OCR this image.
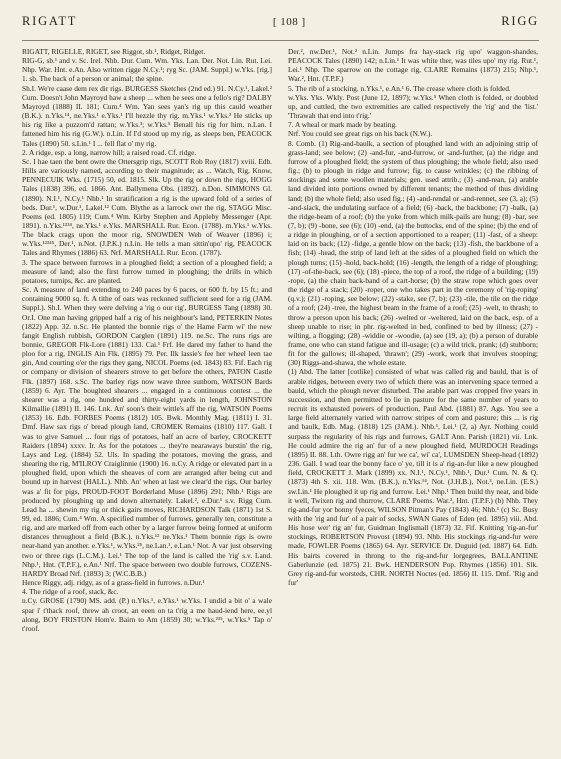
RIGATT	[ 108 ]	RIGG

RIGATT, RIGELLE, RIGET, see Riggot, sb.¹, Ridget, Ridget.

RIG-G, sb.¹ and v. Sc. Irel. Nhb. Dur. Cum. Wm. Yks. Lan. Der. Not. Lin. Rut. Lei. Nhp. War. Hnt. e.An. Also written rigge N.Cy.¹; ryg Sc. (JAM. Suppl.) w.Yks. [rig.] 1. sb. The back of a person or animal; the spine.

Sh.I. We're caase dem rex dir rigs. BURGESS Sketches (2nd ed.) 91. N.Cy.¹, Lakel.² Cum. Doesn't John Mayroyd haw a sheep ... when he sees one a fello's rig? DALBY Mayroyd (1888) II. 181; Cum.⁴ Wm. Yan sees yan's rig up this cauld weather (B.K.). n.Yks.¹⁴, ne.Yks.¹ e.Yks.¹ I'll hezzle thy rig. m.Yks.¹ w.Yks.² He sticks up his rig like a puzzom'd rattan; w.Yks.³; w.Yks.⁵ Benall his rig for him. n.Lan. I fattened him his rig (G.W.). n.Lin. If I'd stood up my rig, as sleeps ben, PEACOCK Tales (1890) 50. s.Lin.¹ I ... fell flat o' my rig.

2. A ridge, esp. a long, narrow hill; a raised road. Cf. ridge.

Sc. I hae taen the bent owre the Ottersgrip rigs, SCOTT Rob Roy (1817) xviii. Edb. Hills are variously named, according to their magnitude; as ... Watch, Rig, Know, PENNECUIK Wks. (1715) 50, ed. 1815. Slk. Up the rig or down the rigs, HOGG Tales (1838) 396, ed. 1866. Ant. Ballymena Obs. (1892). n.Don. SIMMONS Gl. (1890). N.I.¹, N.Cy.¹ Nhb.¹ In stratification a rig is the upward fold of a series of beds. Dur.¹, w.Dur.¹, Lakel.¹² Cum. Blythe as a larrock owr the rig, STAGG Misc. Poems (ed. 1805) 119; Cum.⁴ Wm. Kirby Stephen and Appleby Messenger (Apr. 1891). n.Yks.¹²³⁴, ne.Yks.¹ e.Yks. MARSHALL Rur. Econ. (1788). m.Yks.¹ w.Yks. The black crags upon the moor rig, SNOWDEN Web of Weaver (1896) i; w.Yks.¹²³⁴⁵, Der.¹, n.Not. (J.P.K.) n.Lin. He tells a man sittin'upo' rig, PEACOCK Tales and Rhymes (1886) 63. Nrf. MARSHALL Rur. Econ. (1787).

3. The space between furrows in a ploughed field; a section of a ploughed field; a measure of land; also the first furrow turned in ploughing; the drills in which potatoes, turnips, &c. are planted.

Sc. A measure of land extending to 240 paces by 6 paces, or 600 ft. by 15 ft.; and containing 9000 sq. ft. A tithe of oats was reckoned sufficient seed for a rig (JAM. Suppl.). Sh.I. When they were delving a 'rig o our rig', BURGESS Tang (1898) 30. Or.I. One man having gripped half a rig of his neighbour's land, PETERKIN Notes (1822) App. 32. n.Sc. He planted the bonnie rigs o' the Hame Farm wi' the new fangit English rubbish, GORDON Carglen (1891) 119. ne.Sc. The runs rigs are bonnie, GREGOR Flk-Lore (1881) 133. Cai.¹ Frf. He dared my father to hand the ploo for a rig, INGLIS Ain Flk. (1895) 79. Per. Ilk lassie's fee her wheel leen tae gin, And courting o'er the rigs they gang, NICOL Poems (ed. 1843) 83. Fif. Each rig or company or division of shearers strove to get before the others, PATON Castle Flk. (1897) 168. s.Sc. The barley rigs now wave three sunborn, WATSON Bards (1859) 6. Ayr. The boughted shearers ... engaged in a continuous contest ... the shearer was a rig, one hundred and thirty-eight yards in length, JOHNSTON Kilmallie (1891) II. 146. Lnk. An' soon's their wittle's aff the rig, WATSON Poems (1853) 16. Edb. FORBES Poems (1812) 105. Bwk. Monthly Mag. (1811) I. 31. Dmf. Haw sax rigs o' bread plough land, CROMEK Remains (1810) 117. Gall. I was to give Samuel ... four rigs of potatoes, half an acre of barley, CROCKETT Raiders (1894) xxxv. Ir. As for the potatoes ... they're nearaways burstin' the rig, Lays and Leg. (1884) 52. Uls. In spading the potatoes, moving the grass, and shearing the rig, M'ILROY Craiglinnie (1900) 16. n.Cy. A ridge or elevated part in a ploughed field, upon which the sheaves of corn are arranged after being cut and bound up in harvest (HALL.). Nhb. An' when at last we clear'd the rigs, Our barley was a' fit for pigs, PROUD-FOOT Borderland Muse (1896) 291; Nhb.¹ Rigs are produced by ploughing up and down alternately. Lakel.², e.Dur.¹ s.v. Rigg Cum. Lead ha ... shewin my rig or thick gairs moves, RICHARDSON Talk (1871) 1st S. 99, ed. 1886; Cum.⁴ Wm. A specified number of furrows, generally ten, constitute a rig, and are marked off from each other by a larger furrow being formed at uniform distances throughout a field (B.K.). n.Yks.¹² ne.Yks.¹ Them bonnie rigs is owre near-hand yan another. e.Yks.¹, w.Yks.²⁵, ne.Lan.¹, e.Lan.¹ Not. A var just observing two or three rigs (L.C.M.). Lei.¹ The top of the land is called the 'rig' s.v. Land. Nhp.¹, Hnt. (T.P.F.), e.An.¹ Nrf. The space between two double furrows, COZENS-HARDY Broad Nrf. (1893) 3; (W.C.B.B.)

Hence Riggy, adj. ridgy, as of a grass-field in furrows. n.Dur.¹

4. The ridge of a roof, stack, &c.

n.Cy. GROSE (1790) MS. add. (P.) n.Yks.¹, e.Yks.¹ w.Yks. I undid a bit o' a wale spar i' t'thack roof, threw ah croot, an eeen on ta t'rig a me haud-iend here, ee.yl along, BOY FRISTON Hom'e. Bairn to Am (1859) 30; w.Yks.²³⁵, w.Yks.⁵ Tap o' t'roof.

Der.², nw.Der.¹, Not.² n.Lin. Jumps fra hay-stack rig upo' waggon-shandes, PEACOCK Tales (1890) 142; n.Lin.¹ It was white ther, was tiles upo' my rig. Rut.¹, Lei.¹ Nhp. The sparrow on the cottage rig, CLARE Remains (1873) 215; Nhp.¹, War.², Hnt. (T.P.F.)

5. The rib of a stocking. n.Yks.¹, e.An.¹ 6. The crease where cloth is folded.

w.Yks. Yks. Wkly. Post (June 12, 1897); w.Yks.⁵ When cloth is folded, or doubled up, and cuttled, the two extremities are called respectively the 'rig' and the 'list.' 'Thrawah that end into t'rig.'

7. A wheal or mark made by beating.

Nrf. You could see great rigs on his back (N.W.).

8. Comb. (1) Rig-and-baulk, a section of ploughed land with an adjoining strip of grass-land; see below; (2) -and-fur, -and-furrow, or -and-further, (a) the ridge and furrow of a ploughed field; the system of thus ploughing; the whole field; also used fig.; (b) to plough in ridge and furrow; fig. to cause wrinkles; (c) the ribbing of stockings and some woollen materials; gen. used attrib.; (3) -and-rean, (a) arable land divided into portions owned by different tenants; the method of thus dividing land; (b) the whole field; also used fig.; (4) -and-rendal or -and-rennet, see (3, a); (5) -and-slack, the undulating surface of a field; (6) -back, the backbone; (7) -balk, (a) the ridge-beam of a roof; (b) the yoke from which milk-pails are hung; (8) -bar, see (7, b); (9) -bone, see (6); (10) -end, (a) the buttocks, end of the spine; (b) the end of a ridge in ploughing, or of a section apportioned to a reaper; (11) -fast, of a sheep: laid on its back; (12) -fidge, a gentle blow on the back; (13) -fish, the backbone of a fish; (14) -head, the strip of land left at the sides of a ploughed field on which the plough turns; (15) -hold, back-hold; (16) -length, the length of a ridge of ploughing; (17) -of-the-back, see (6); (18) -piece, the top of a roof, the ridge of a building; (19) -rope, (a) the chain back-band of a cart-horse; (b) the straw rope which goes over the ridge of a stack; (20) -roper, one who takes part in the ceremony of 'rig-roping' (q.v.); (21) -roping, see below; (22) -stake, see (7, b); (23) -tile, the tile on the ridge of a roof; (24) -tree, the highest beam in the frame of a roof; (25) -welt, to thrash; to throw a person upon his back; (26) -welted or -weltered, laid on the back, esp. of a sheep unable to rise; in phr. rig-welted in bed, confined to bed by illness; (27) -wilting, a flogging; (28) -widdie or -woodie, (a) see (19, a); (b) a person of durable frame, one who can stand fatigue and ill-usage; (c) a wild trick, prank; (d) stubborn; fit for the gallows; ill-shaped, 'thrawn'; (29) -work, work that involves stooping; (30) Riggs-and-shawa, the whole estate.

(1) Abd. The latter [cotlike] consisted of what was called rig and bauld, that is of arable ridges, between every two of which there was an intervening space termed a bauld, which the plough never disturbed. The arable part was cropped five years in succession, and then permitted to lie in pasture for the same number of years to recruit its exhausted powers of production, Paul Abd. (1881) 87. Ags. You see a large field alternately varied with narrow stripes of corn and pasture; this ... is rig and baulk, Edb. Mag. (1818) 125 (JAM.). Nhb.¹, Lei.¹ (2, a) Ayr. Nothing could surpass the regularity of his rigs and furrows, GALT Ann. Parish (1821) vii. Lnk. He could admire the rig an' fur of a new ploughed field, MURDOCH Readings (1895) II. 88. Lth. Owre rigg an' fur we ca', wi' ca', LUMSDEN Sheep-head (1892) 236. Gall. I wad tear the bonny face o' ye, till it is a' rig-an-fur like a new ploughed field, CROCKETT J. Mark (1899) xx. N.I.¹, N.Cy.¹, Nhb.¹, Dur.¹ Cum. N. & Q. (1873) 4th S. xii. 118. Wm. (B.K.), n.Yks.¹⁴, Not. (J.H.B.), Not.³, ne.Lin. (E.S.) sw.Lin.¹ He ploughed it up rig and furrow. Lei.¹ Nhp.¹ Then build thy neat, and bide it well, Twixen rig and thurrow, CLARE Poems. War.², Hnt. (T.P.F.) (b) Nhb. They rig-and-fur yor bonny fyeces, WILSON Pitman's Pay (1843) 46; Nhb.¹ (c) Sc. Busy with the 'rig and fur' of a pair of socks, SWAN Gates of Eden (ed. 1895) viii. Abd. His hose wer' rig an' fur, Guidman Inglismall (1873) 32. Fif. Knitting 'rig-an-fur' stockings, ROBERTSON Provost (1894) 93. Nhb. His stockings rig-and-fur were made, FOWLER Poems (1865) 64. Ayr. SERVICE Dr. Duguid (ed. 1887) 64. Edb. His bairts covered in throng to the rig-and-fur lorgegrees, BALLANTINE Gaberlunzie (ed. 1875) 21. Bwk. HENDERSON Pop. Rhymes (1856) 101. Slk. Grey rig-and-fur worsteds, CHR. NORTH Noctes (ed. 1856) II. 115. Dmf. 'Rig and fur'
